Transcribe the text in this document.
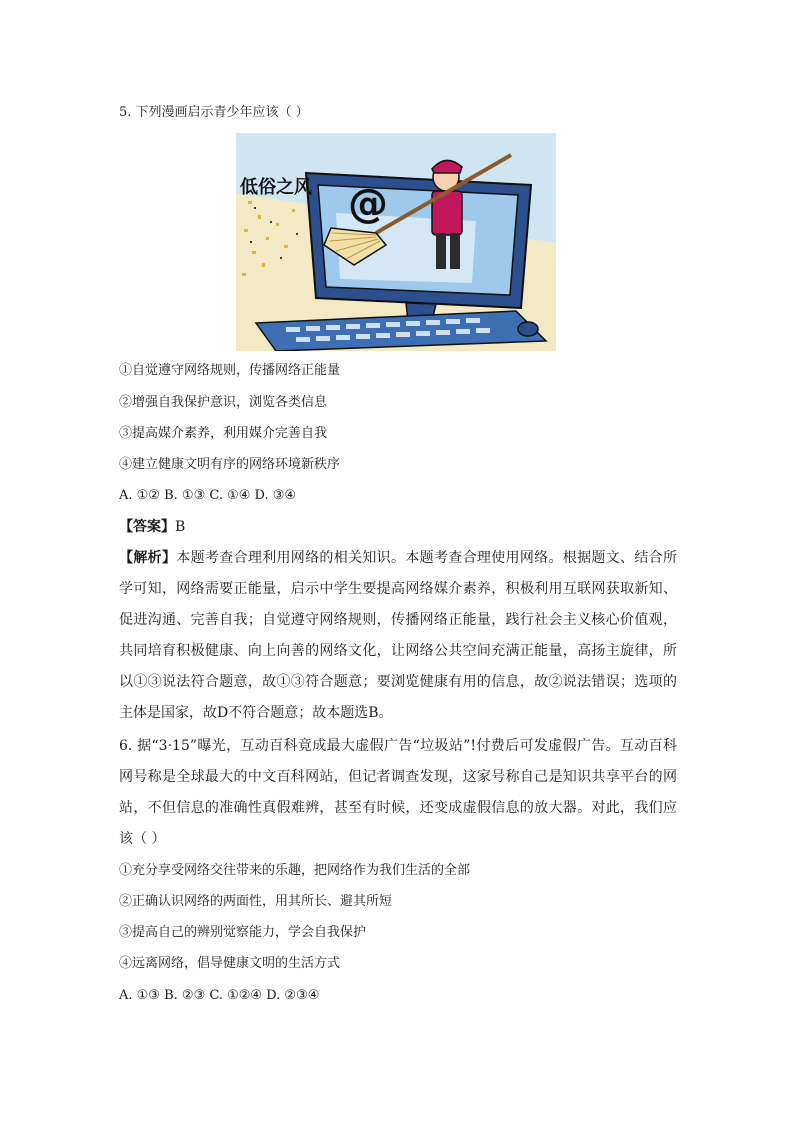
5. 下列漫画启示青少年应该（ ）
@
低俗之风
①自觉遵守网络规则，传播网络正能量
②增强自我保护意识，浏览各类信息
③提高媒介素养，利用媒介完善自我
④建立健康文明有序的网络环境新秩序
A. ①② B. ①③ C. ①④ D. ③④
【答案】B

【解析】本题考查合理利用网络的相关知识。本题考查合理使用网络。根据题文、结合所学可知，网络需要正能量，启示中学生要提高网络媒介素养，积极利用互联网获取新知、促进沟通、完善自我；自觉遵守网络规则，传播网络正能量，践行社会主义核心价值观，共同培育积极健康、向上向善的网络文化，让网络公共空间充满正能量，高扬主旋律，所以①③说法符合题意，故①③符合题意；要浏览健康有用的信息，故②说法错误；选项的主体是国家，故D不符合题意；故本题选B。

6. 据“3·15”曝光，互动百科竟成最大虚假广告“垃圾站”!付费后可发虚假广告。互动百科网号称是全球最大的中文百科网站，但记者调查发现，这家号称自己是知识共享平台的网站，不但信息的准确性真假难辨，甚至有时候，还变成虚假信息的放大器。对此，我们应该（ ）

①充分享受网络交往带来的乐趣，把网络作为我们生活的全部
②正确认识网络的两面性，用其所长、避其所短
③提高自己的辨别觉察能力，学会自我保护
④远离网络，倡导健康文明的生活方式
A. ①③ B. ②③ C. ①②④ D. ②③④
